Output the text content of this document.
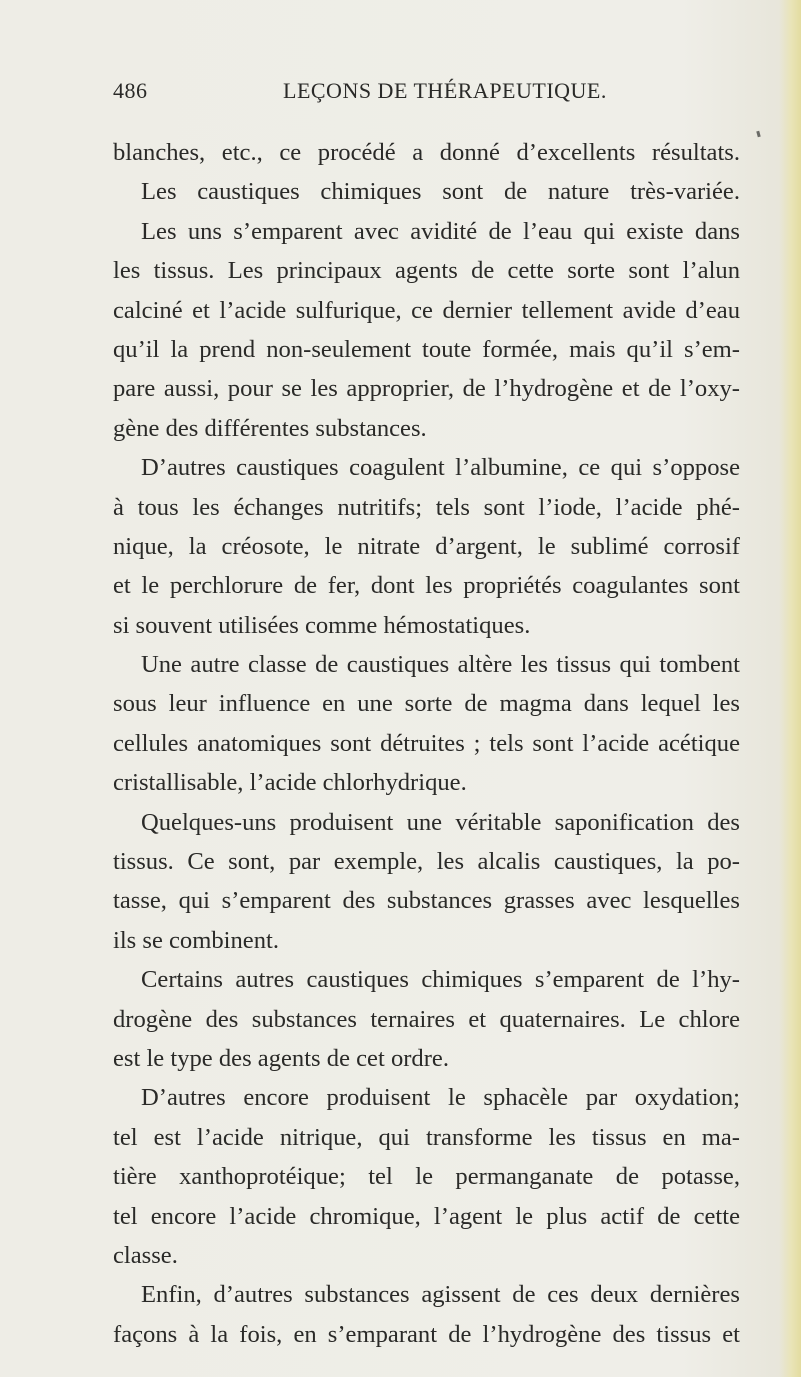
486	LEÇONS DE THÉRAPEUTIQUE.
blanches, etc., ce procédé a donné d’excellents résultats.
Les caustiques chimiques sont de nature très-variée.
Les uns s’emparent avec avidité de l’eau qui existe dans
les tissus. Les principaux agents de cette sorte sont l’alun
calciné et l’acide sulfurique, ce dernier tellement avide d’eau
qu’il la prend non-seulement toute formée, mais qu’il s’em-
pare aussi, pour se les approprier, de l’hydrogène et de l’oxy-
gène des différentes substances.
D’autres caustiques coagulent l’albumine, ce qui s’oppose
à tous les échanges nutritifs; tels sont l’iode, l’acide phé-
nique, la créosote, le nitrate d’argent, le sublimé corrosif
et le perchlorure de fer, dont les propriétés coagulantes sont
si souvent utilisées comme hémostatiques.
Une autre classe de caustiques altère les tissus qui tombent
sous leur influence en une sorte de magma dans lequel les
cellules anatomiques sont détruites ; tels sont l’acide acétique
cristallisable, l’acide chlorhydrique.
Quelques-uns produisent une véritable saponification des
tissus. Ce sont, par exemple, les alcalis caustiques, la po-
tasse, qui s’emparent des substances grasses avec lesquelles
ils se combinent.
Certains autres caustiques chimiques s’emparent de l’hy-
drogène des substances ternaires et quaternaires. Le chlore
est le type des agents de cet ordre.
D’autres encore produisent le sphacèle par oxydation;
tel est l’acide nitrique, qui transforme les tissus en ma-
tière xanthoprotéique; tel le permanganate de potasse,
tel encore l’acide chromique, l’agent le plus actif de cette
classe.
Enfin, d’autres substances agissent de ces deux dernières
façons à la fois, en s’emparant de l’hydrogène des tissus et
